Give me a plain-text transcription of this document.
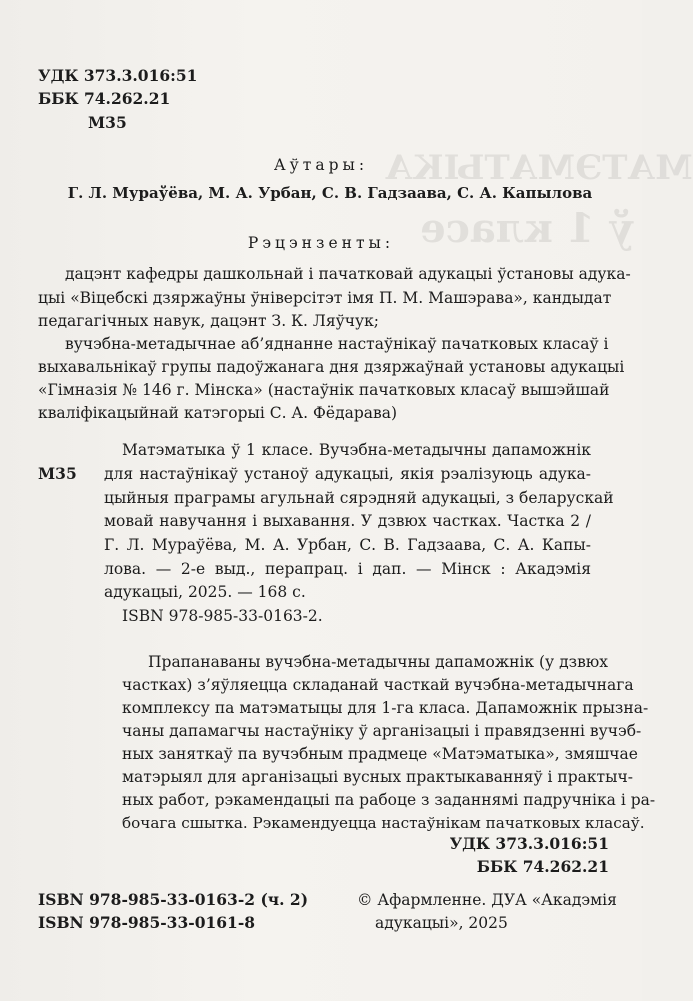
МАТЭМАТЫКА
ў 1 класе
УДК 373.3.016:51
ББК 74.262.21
М35
Аўтары:
Г. Л. Мураўёва, М. А. Урбан, С. В. Гадзаава, С. А. Капылова
Рэцэнзенты:
дацэнт кафедры дашкольнай і пачатковай адукацыі ўстановы адука-
цыі «Віцебскі дзяржаўны ўніверсітэт імя П. М. Машэрава», кандыдат
педагагічных навук, дацэнт З. К. Ляўчук;
вучэбна-метадычнае аб’яднанне настаўнікаў пачатковых класаў і
выхавальнікаў групы падоўжанага дня дзяржаўнай установы адукацыі
«Гімназія № 146 г. Мінска» (настаўнік пачатковых класаў вышэйшай
кваліфікацыйнай катэгорыі С. А. Фёдарава)
М35
Матэматыка ў 1 класе. Вучэбна-метадычны дапаможнік
для настаўнікаў устаноў адукацыі, якія рэалізуюць адука-
цыйныя праграмы агульнай сярэдняй адукацыі, з беларускай
мовай навучання і выхавання. У дзвюх частках. Частка 2 /
Г. Л. Мураўёва, М. А. Урбан, С. В. Гадзаава, С. А. Капы-
лова. — 2-е выд., перапрац. і дап. — Мінск : Акадэмія
адукацыі, 2025. — 168 с.
ISBN 978-985-33-0163-2.
Прапанаваны вучэбна-метадычны дапаможнік (у дзвюх
частках) з’яўляецца складанай часткай вучэбна-метадычнага
комплексу па матэматыцы для 1-га класа. Дапаможнік прызна-
чаны дапамагчы настаўніку ў арганізацыі і правядзенні вучэб-
ных заняткаў па вучэбным прадмеце «Матэматыка», змяшчае
матэрыял для арганізацыі вусных практыкаванняў і практыч-
ных работ, рэкамендацыі па рабоце з заданнямі падручніка і ра-
бочага сшытка. Рэкамендуецца настаўнікам пачатковых класаў.
УДК 373.3.016:51
ББК 74.262.21
ISBN 978-985-33-0163-2 (ч. 2)
ISBN 978-985-33-0161-8
© Афармленне. ДУА «Акадэмія
адукацыі», 2025
